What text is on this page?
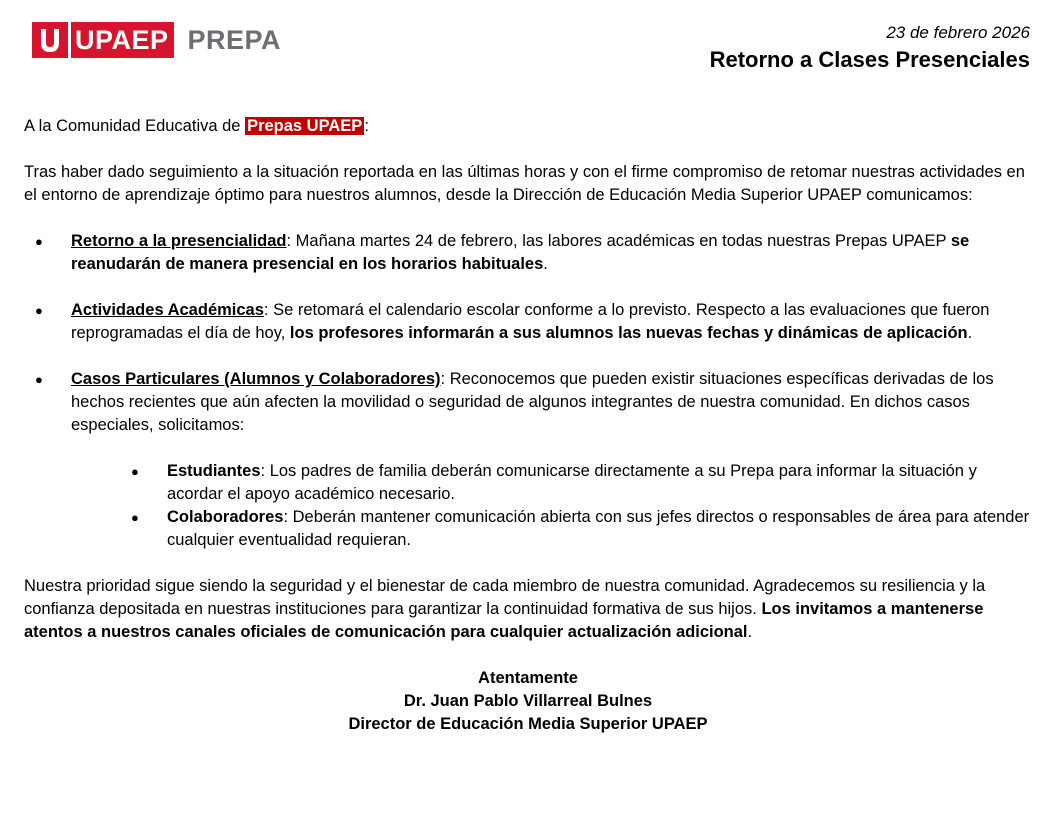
UPAEP PREPA	23 de febrero 2026
Retorno a Clases Presenciales

A la Comunidad Educativa de Prepas UPAEP :

Tras haber dado seguimiento a la situación reportada en las últimas horas y con el firme compromiso de retomar nuestras actividades en el entorno de aprendizaje óptimo para nuestros alumnos, desde la Dirección de Educación Media Superior UPAEP comunicamos:

● Retorno a la presencialidad: Mañana martes 24 de febrero, las labores académicas en todas nuestras Prepas UPAEP se reanudarán de manera presencial en los horarios habituales.

● Actividades Académicas: Se retomará el calendario escolar conforme a lo previsto. Respecto a las evaluaciones que fueron reprogramadas el día de hoy, los profesores informarán a sus alumnos las nuevas fechas y dinámicas de aplicación.

● Casos Particulares (Alumnos y Colaboradores): Reconocemos que pueden existir situaciones específicas derivadas de los hechos recientes que aún afecten la movilidad o seguridad de algunos integrantes de nuestra comunidad. En dichos casos especiales, solicitamos:

● Estudiantes: Los padres de familia deberán comunicarse directamente a su Prepa para informar la situación y acordar el apoyo académico necesario.

● Colaboradores: Deberán mantener comunicación abierta con sus jefes directos o responsables de área para atender cualquier eventualidad requieran.

Nuestra prioridad sigue siendo la seguridad y el bienestar de cada miembro de nuestra comunidad. Agradecemos su resiliencia y la confianza depositada en nuestras instituciones para garantizar la continuidad formativa de sus hijos. Los invitamos a mantenerse atentos a nuestros canales oficiales de comunicación para cualquier actualización adicional.

Atentamente
Dr. Juan Pablo Villarreal Bulnes
Director de Educación Media Superior UPAEP
